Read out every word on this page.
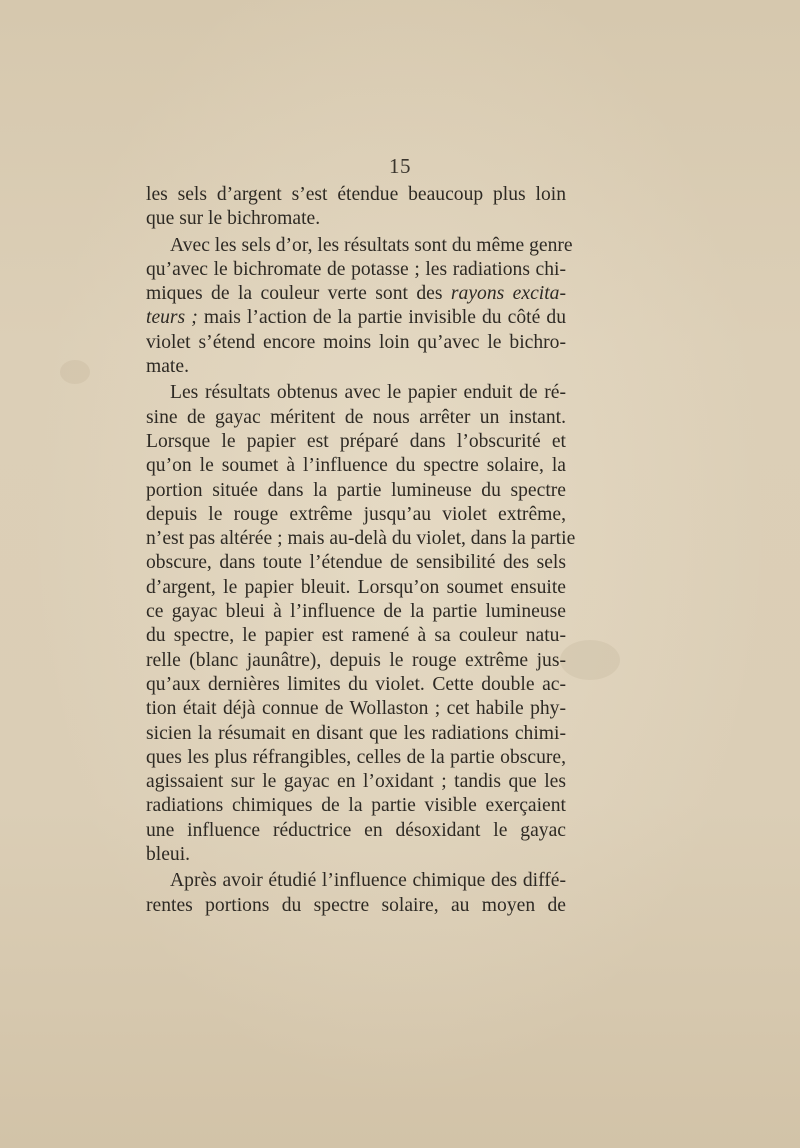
15
les sels d’argent s’est étendue beaucoup plus loin
que sur le bichromate.
Avec les sels d’or, les résultats sont du même genre
qu’avec le bichromate de potasse ; les radiations chi-
miques de la couleur verte sont des rayons excita-
teurs ; mais l’action de la partie invisible du côté du
violet s’étend encore moins loin qu’avec le bichro-
mate.
Les résultats obtenus avec le papier enduit de ré-
sine de gayac méritent de nous arrêter un instant.
Lorsque le papier est préparé dans l’obscurité et
qu’on le soumet à l’influence du spectre solaire, la
portion située dans la partie lumineuse du spectre
depuis le rouge extrême jusqu’au violet extrême,
n’est pas altérée ; mais au-delà du violet, dans la partie
obscure, dans toute l’étendue de sensibilité des sels
d’argent, le papier bleuit. Lorsqu’on soumet ensuite
ce gayac bleui à l’influence de la partie lumineuse
du spectre, le papier est ramené à sa couleur natu-
relle (blanc jaunâtre), depuis le rouge extrême jus-
qu’aux dernières limites du violet. Cette double ac-
tion était déjà connue de Wollaston ; cet habile phy-
sicien la résumait en disant que les radiations chimi-
ques les plus réfrangibles, celles de la partie obscure,
agissaient sur le gayac en l’oxidant ; tandis que les
radiations chimiques de la partie visible exerçaient
une influence réductrice en désoxidant le gayac
bleui.
Après avoir étudié l’influence chimique des diffé-
rentes portions du spectre solaire, au moyen de
